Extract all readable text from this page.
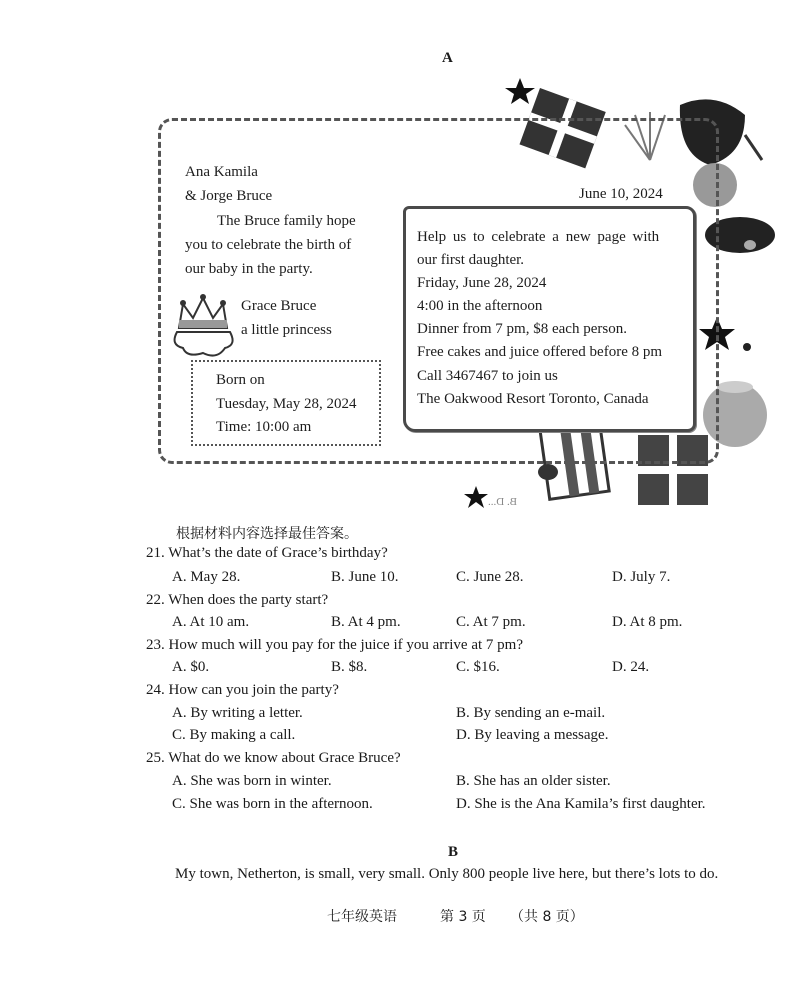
A
Ana Kamila
& Jorge Bruce	June 10, 2024
The Bruce family hope
you to celebrate the birth of
our baby in the party.
Grace Bruce
a little princess
Born on
Tuesday, May 28, 2024
Time: 10:00 am
Help us to celebrate a new page with
our first daughter.
Friday, June 28, 2024
4:00 in the afternoon
Dinner from 7 pm, $8 each person.
Free cakes and juice offered before 8 pm
Call 3467467 to join us
The Oakwood Resort Toronto, Canada
B. D...
根据材料内容选择最佳答案。
21. What’s the date of Grace’s birthday?
A. May 28.	B. June 10.	C. June 28.	D. July 7.
22. When does the party start?
A. At 10 am.	B. At 4 pm.	C. At 7 pm.	D. At 8 pm.
23. How much will you pay for the juice if you arrive at 7 pm?
A. $0.	B. $8.	C. $16.	D. 24.
24. How can you join the party?
A. By writing a letter.	B. By sending an e-mail.
C. By making a call.	D. By leaving a message.
25. What do we know about Grace Bruce?
A. She was born in winter.	B. She has an older sister.
C. She was born in the afternoon.	D. She is the Ana Kamila’s first daughter.
B
My town, Netherton, is small, very small. Only 800 people live here, but there’s lots to do.
七年级英语	第 3 页 （共 8 页）
